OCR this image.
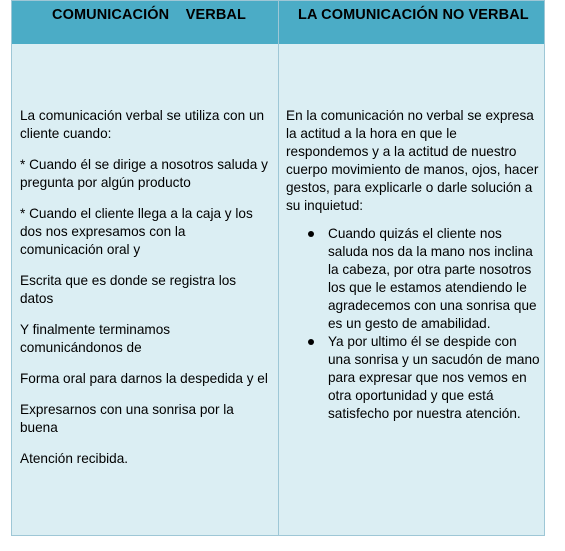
COMUNICACIÓN    VERBAL	LA COMUNICACIÓN NO VERBAL

La comunicación verbal se utiliza con un cliente cuando:

* Cuando él se dirige a nosotros saluda y pregunta por algún producto

* Cuando el cliente llega a la caja y los dos nos expresamos con la comunicación oral y

Escrita que es donde se registra los datos

Y finalmente terminamos comunicándonos de

Forma oral para darnos la despedida y el

Expresarnos con una sonrisa por la buena

Atención recibida.

En la comunicación no verbal se expresa la actitud a la hora en que le respondemos y a la actitud de nuestro cuerpo movimiento de manos, ojos, hacer gestos, para explicarle o darle solución a su inquietud:

Cuando quizás el cliente nos saluda nos da la mano nos inclina la cabeza, por otra parte nosotros los que le estamos atendiendo le agradecemos con una sonrisa que es un gesto de amabilidad.
Ya por ultimo él se despide con una sonrisa y un sacudón de mano para expresar que nos vemos en otra oportunidad y que está satisfecho por nuestra atención.
